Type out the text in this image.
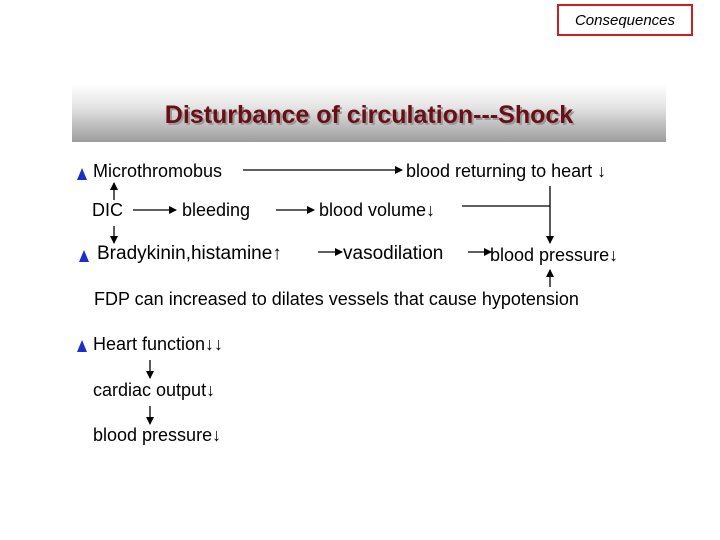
Consequences
Disturbance of circulation---Shock
Microthromobus	blood returning to heart ↓
DIC	bleeding	blood volume↓
Bradykinin,histamine↑	vasodilation	blood pressure↓
FDP can increased to dilates vessels that cause hypotension
Heart function↓↓
cardiac output↓
blood pressure↓
